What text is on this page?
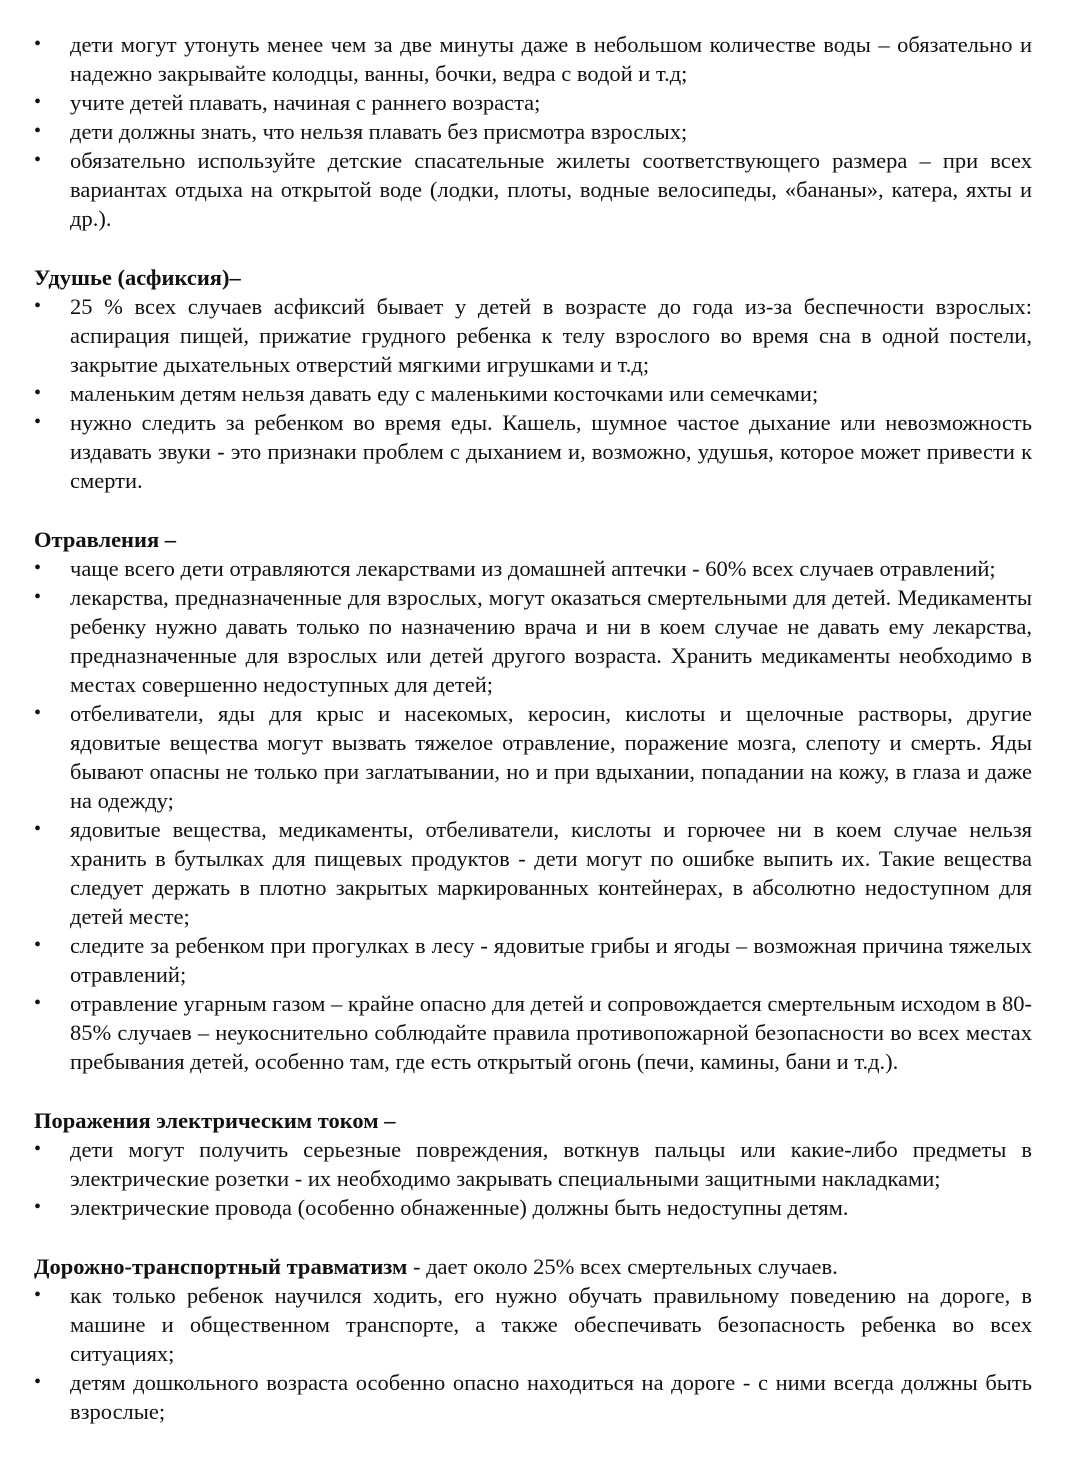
• дети могут утонуть менее чем за две минуты даже в небольшом количестве воды – обязательно и надежно закрывайте колодцы, ванны, бочки, ведра с водой и т.д;
• учите детей плавать, начиная с раннего возраста;
• дети должны знать, что нельзя плавать без присмотра взрослых;
• обязательно используйте детские спасательные жилеты соответствующего размера – при всех вариантах отдыха на открытой воде (лодки, плоты, водные велосипеды, «бананы», катера, яхты и др.).

Удушье (асфиксия)–

• 25 % всех случаев асфиксий бывает у детей в возрасте до года из-за беспечности взрослых: аспирация пищей, прижатие грудного ребенка к телу взрослого во время сна в одной постели, закрытие дыхательных отверстий мягкими игрушками и т.д;
• маленьким детям нельзя давать еду с маленькими косточками или семечками;
• нужно следить за ребенком во время еды. Кашель, шумное частое дыхание или невозможность издавать звуки - это признаки проблем с дыханием и, возможно, удушья, которое может привести к смерти.

Отравления –

• чаще всего дети отравляются лекарствами из домашней аптечки - 60% всех случаев отравлений;
• лекарства, предназначенные для взрослых, могут оказаться смертельными для детей. Медикаменты ребенку нужно давать только по назначению врача и ни в коем случае не давать ему лекарства, предназначенные для взрослых или детей другого возраста. Хранить медикаменты необходимо в местах совершенно недоступных для детей;
• отбеливатели, яды для крыс и насекомых, керосин, кислоты и щелочные растворы, другие ядовитые вещества могут вызвать тяжелое отравление, поражение мозга, слепоту и смерть. Яды бывают опасны не только при заглатывании, но и при вдыхании, попадании на кожу, в глаза и даже на одежду;
• ядовитые вещества, медикаменты, отбеливатели, кислоты и горючее ни в коем случае нельзя хранить в бутылках для пищевых продуктов - дети могут по ошибке выпить их. Такие вещества следует держать в плотно закрытых маркированных контейнерах, в абсолютно недоступном для детей месте;
• следите за ребенком при прогулках в лесу - ядовитые грибы и ягоды – возможная причина тяжелых отравлений;
• отравление угарным газом – крайне опасно для детей и сопровождается смертельным исходом в 80-85% случаев – неукоснительно соблюдайте правила противопожарной безопасности во всех местах пребывания детей, особенно там, где есть открытый огонь (печи, камины, бани и т.д.).

Поражения электрическим током –

• дети могут получить серьезные повреждения, воткнув пальцы или какие-либо предметы в электрические розетки - их необходимо закрывать специальными защитными накладками;
• электрические провода (особенно обнаженные) должны быть недоступны детям.

Дорожно-транспортный травматизм - дает около 25% всех смертельных случаев.

• как только ребенок научился ходить, его нужно обучать правильному поведению на дороге, в машине и общественном транспорте, а также обеспечивать безопасность ребенка во всех ситуациях;
• детям дошкольного возраста особенно опасно находиться на дороге - с ними всегда должны быть взрослые;
